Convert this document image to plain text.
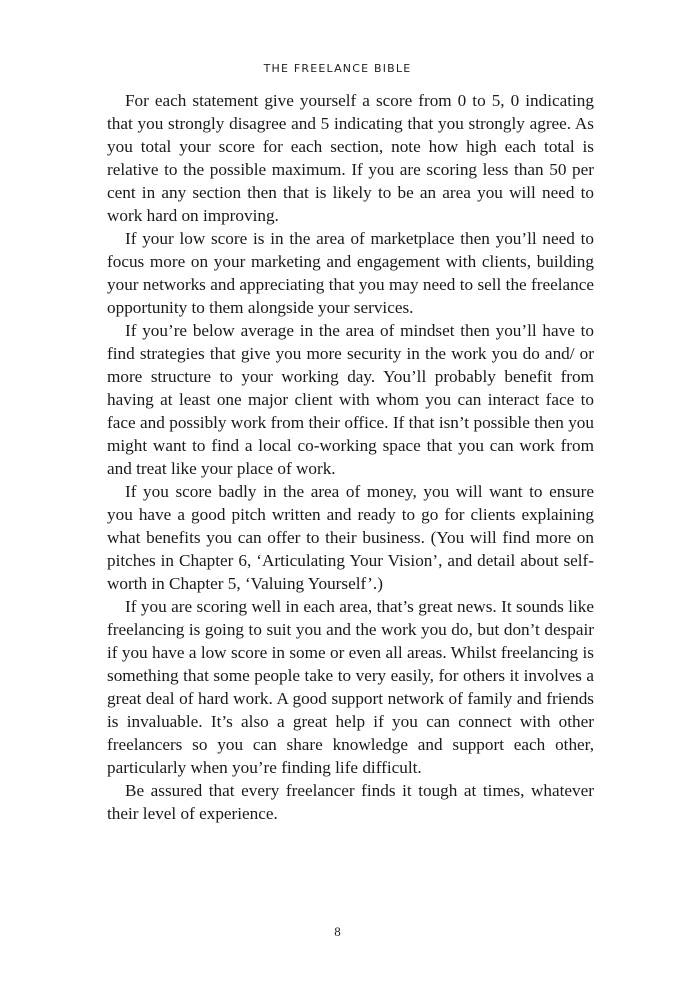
THE FREELANCE BIBLE

For each statement give yourself a score from 0 to 5, 0 indicating that you strongly disagree and 5 indicating that you strongly agree. As you total your score for each section, note how high each total is relative to the possible maximum. If you are scoring less than 50 per cent in any section then that is likely to be an area you will need to work hard on improving.

If your low score is in the area of marketplace then you’ll need to focus more on your marketing and engagement with clients, building your networks and appreciating that you may need to sell the freelance opportunity to them alongside your services.

If you’re below average in the area of mindset then you’ll have to find strategies that give you more security in the work you do and/ or more structure to your working day. You’ll probably benefit from having at least one major client with whom you can interact face to face and possibly work from their office. If that isn’t possible then you might want to find a local co-working space that you can work from and treat like your place of work.

If you score badly in the area of money, you will want to ensure you have a good pitch written and ready to go for clients explaining what benefits you can offer to their business. (You will find more on pitches in Chapter 6, ‘Articulating Your Vision’, and detail about self-worth in Chapter 5, ‘Valuing Yourself’.)

If you are scoring well in each area, that’s great news. It sounds like freelancing is going to suit you and the work you do, but don’t despair if you have a low score in some or even all areas. Whilst freelancing is something that some people take to very easily, for others it involves a great deal of hard work. A good support network of family and friends is invaluable. It’s also a great help if you can connect with other freelancers so you can share knowledge and support each other, particularly when you’re finding life difficult.

Be assured that every freelancer finds it tough at times, whatever their level of experience.

8
